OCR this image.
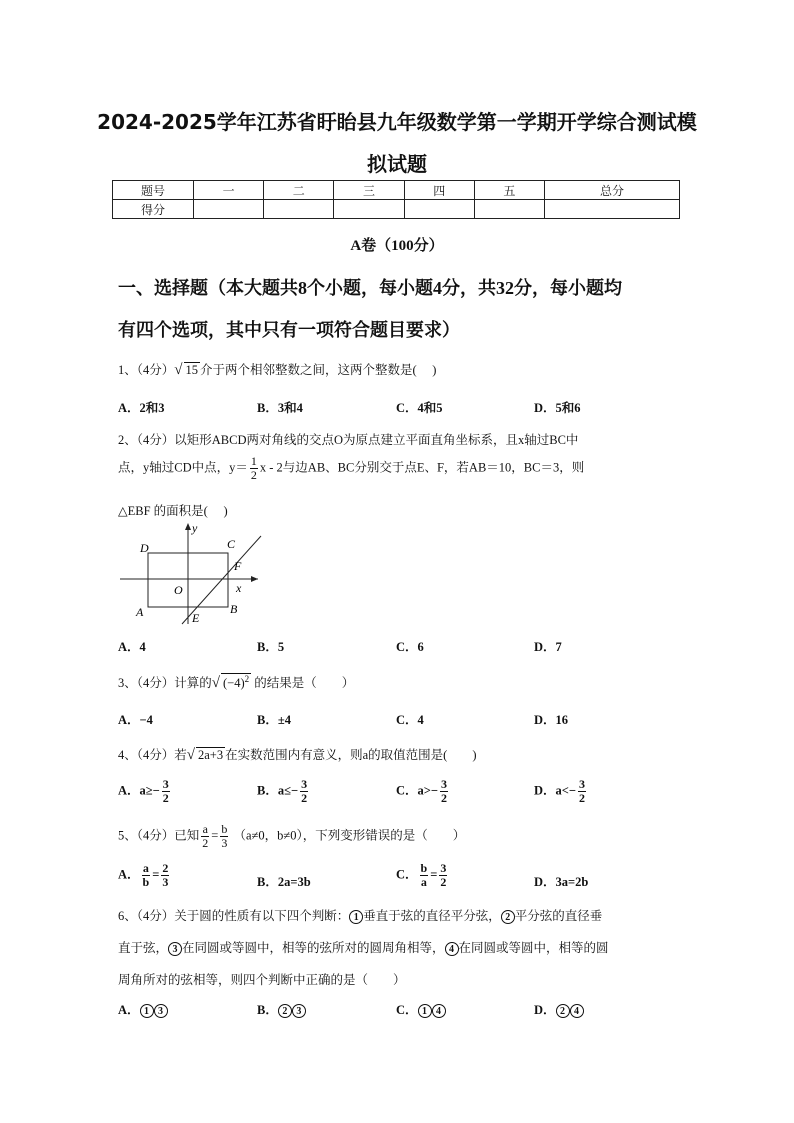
2024-2025学年江苏省盱眙县九年级数学第一学期开学综合测试模
拟试题
题号	一	二	三	四	五	总分
得分						
A卷（100分）
一、选择题（本大题共8个小题，每小题4分，共32分，每小题均
有四个选项，其中只有一项符合题目要求）
1、（4分）√ 15 介于两个相邻整数之间，这两个整数是(　 )
A．2和3	B．3和4	C．4和5	D．5和6
2、（4分）以矩形ABCD两对角线的交点O为原点建立平面直角坐标系，且x轴过BC中
点，y轴过CD中点，$y= \frac{1}{2}$ x - 2与边AB、BC分别交于点E、F，若AB＝10，BC＝3，则
△EBF 的面积是(　 )
D	C
A	B
O
E
F
x
y
A．4	B．5	C．6	D．7
3、（4分）计算的√ $(-4)^2$ 的结果是（　　）
A．−4	B．±4	C．4	D．16
4、（4分）若√ 2a+3 在实数范围内有意义，则a的取值范围是(　　)
A．$a\ge- \frac{3}{2}$	B．$a\le- \frac{3}{2}$	C．$a>- \frac{3}{2}$	D．$a<- \frac{3}{2}$
5、（4分）已知 $\frac{a}{2} = \frac{b}{3} (a\ne 0$，b≠0），下列变形错误的是（　　）
A． $\frac{a}{b} = \frac{2}{3}$	B．2a=3b
C． $\frac{b}{a} = \frac{3}{2}$	D．3a=2b
6、（4分）关于圆的性质有以下四个判断： 1 垂直于弦的直径平分弦， 2 平分弦的直径垂
直于弦， 3 在同圆或等圆中，相等的弦所对的圆周角相等， 4 在同圆或等圆中，相等的圆
周角所对的弦相等，则四个判断中正确的是（　　）
A． 1 3	B． 2 3	C． 1 4	D． 2 4
